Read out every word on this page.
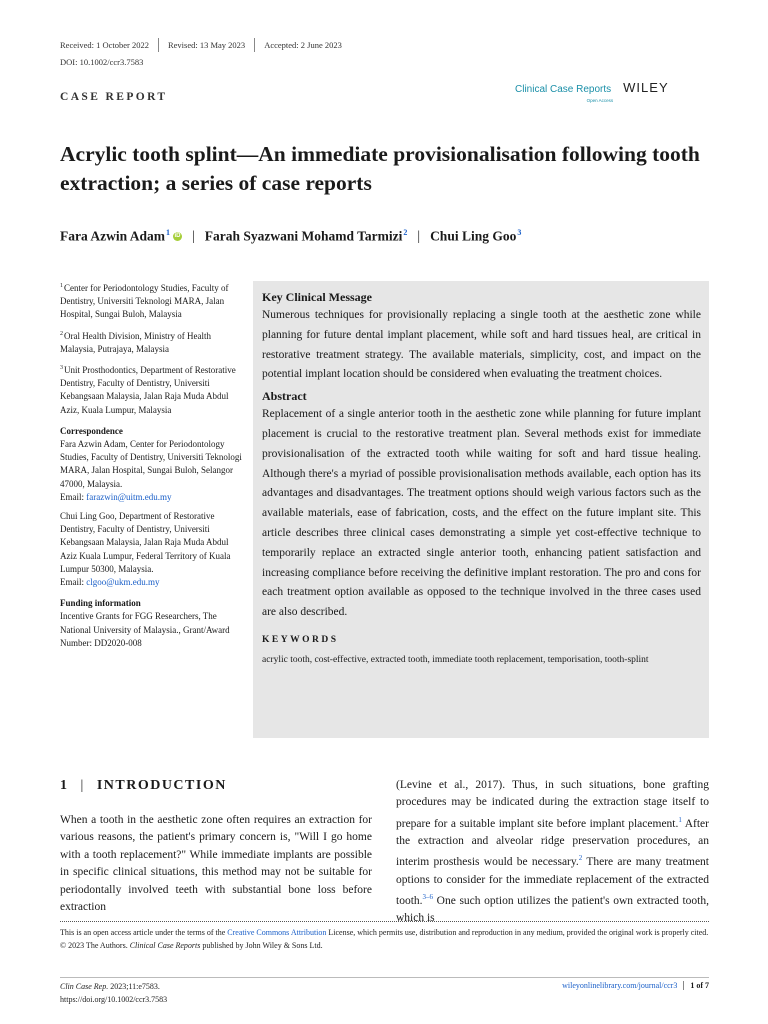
Received: 1 October 2022 Revised: 13 May 2023 Accepted: 2 June 2023
DOI: 10.1002/ccr3.7583
CASE REPORT
Clinical Case Reports
Open Access
WILEY
Acrylic tooth splint—An immediate provisionalisation following tooth extraction; a series of case reports
Fara Azwin Adam$^1$ iD | Farah Syazwani Mohamd Tarmizi$^2$ | Chui Ling Goo$^3$
$^1$Center for Periodontology Studies, Faculty of Dentistry, Universiti Teknologi MARA, Jalan Hospital, Sungai Buloh, Malaysia
$^2$Oral Health Division, Ministry of Health Malaysia, Putrajaya, Malaysia
$^3$Unit Prosthodontics, Department of Restorative Dentistry, Faculty of Dentistry, Universiti Kebangsaan Malaysia, Jalan Raja Muda Abdul Aziz, Kuala Lumpur, Malaysia
Correspondence
Fara Azwin Adam, Center for Periodontology Studies, Faculty of Dentistry, Universiti Teknologi MARA, Jalan Hospital, Sungai Buloh, Selangor 47000, Malaysia.
Email: farazwin@uitm.edu.my
Chui Ling Goo, Department of Restorative Dentistry, Faculty of Dentistry, Universiti Kebangsaan Malaysia, Jalan Raja Muda Abdul Aziz Kuala Lumpur, Federal Territory of Kuala Lumpur 50300, Malaysia.
Email: clgoo@ukm.edu.my
Funding information
Incentive Grants for FGG Researchers, The National University of Malaysia., Grant/Award Number: DD2020-008
Key Clinical Message
Numerous techniques for provisionally replacing a single tooth at the aesthetic zone while planning for future dental implant placement, while soft and hard tissues heal, are critical in restorative treatment strategy. The available materials, simplicity, cost, and impact on the potential implant location should be considered when evaluating the treatment choices.
Abstract
Replacement of a single anterior tooth in the aesthetic zone while planning for future implant placement is crucial to the restorative treatment plan. Several methods exist for immediate provisionalisation of the extracted tooth while waiting for soft and hard tissue healing. Although there's a myriad of possible provisionalisation methods available, each option has its advantages and disadvantages. The treatment options should weigh various factors such as the available materials, ease of fabrication, costs, and the effect on the future implant site. This article describes three clinical cases demonstrating a simple yet cost-effective technique to temporarily replace an extracted single anterior tooth, enhancing patient satisfaction and increasing compliance before receiving the definitive implant restoration. The pro and cons for each treatment option available as opposed to the technique involved in the three cases used are also described.
KEYWORDS
acrylic tooth, cost-effective, extracted tooth, immediate tooth replacement, temporisation, tooth-splint
1 | INTRODUCTION
When a tooth in the aesthetic zone often requires an extraction for various reasons, the patient's primary concern is, "Will I go home with a tooth replacement?" While immediate implants are possible in specific clinical situations, this method may not be suitable for periodontally involved teeth with substantial bone loss before extraction
(Levine et al., 2017). Thus, in such situations, bone grafting procedures may be indicated during the extraction stage itself to prepare for a suitable implant site before implant placement.$^1$ After the extraction and alveolar ridge preservation procedures, an interim prosthesis would be necessary.$^2$ There are many treatment options to consider for the immediate replacement of the extracted tooth.$^{3-6}$ One such option utilizes the patient's own extracted tooth, which is
This is an open access article under the terms of the Creative Commons Attribution License, which permits use, distribution and reproduction in any medium, provided the original work is properly cited.
© 2023 The Authors. Clinical Case Reports published by John Wiley & Sons Ltd.
Clin Case Rep. 2023;11:e7583.
https://doi.org/10.1002/ccr3.7583
wileyonlinelibrary.com/journal/ccr3	1 of 7
